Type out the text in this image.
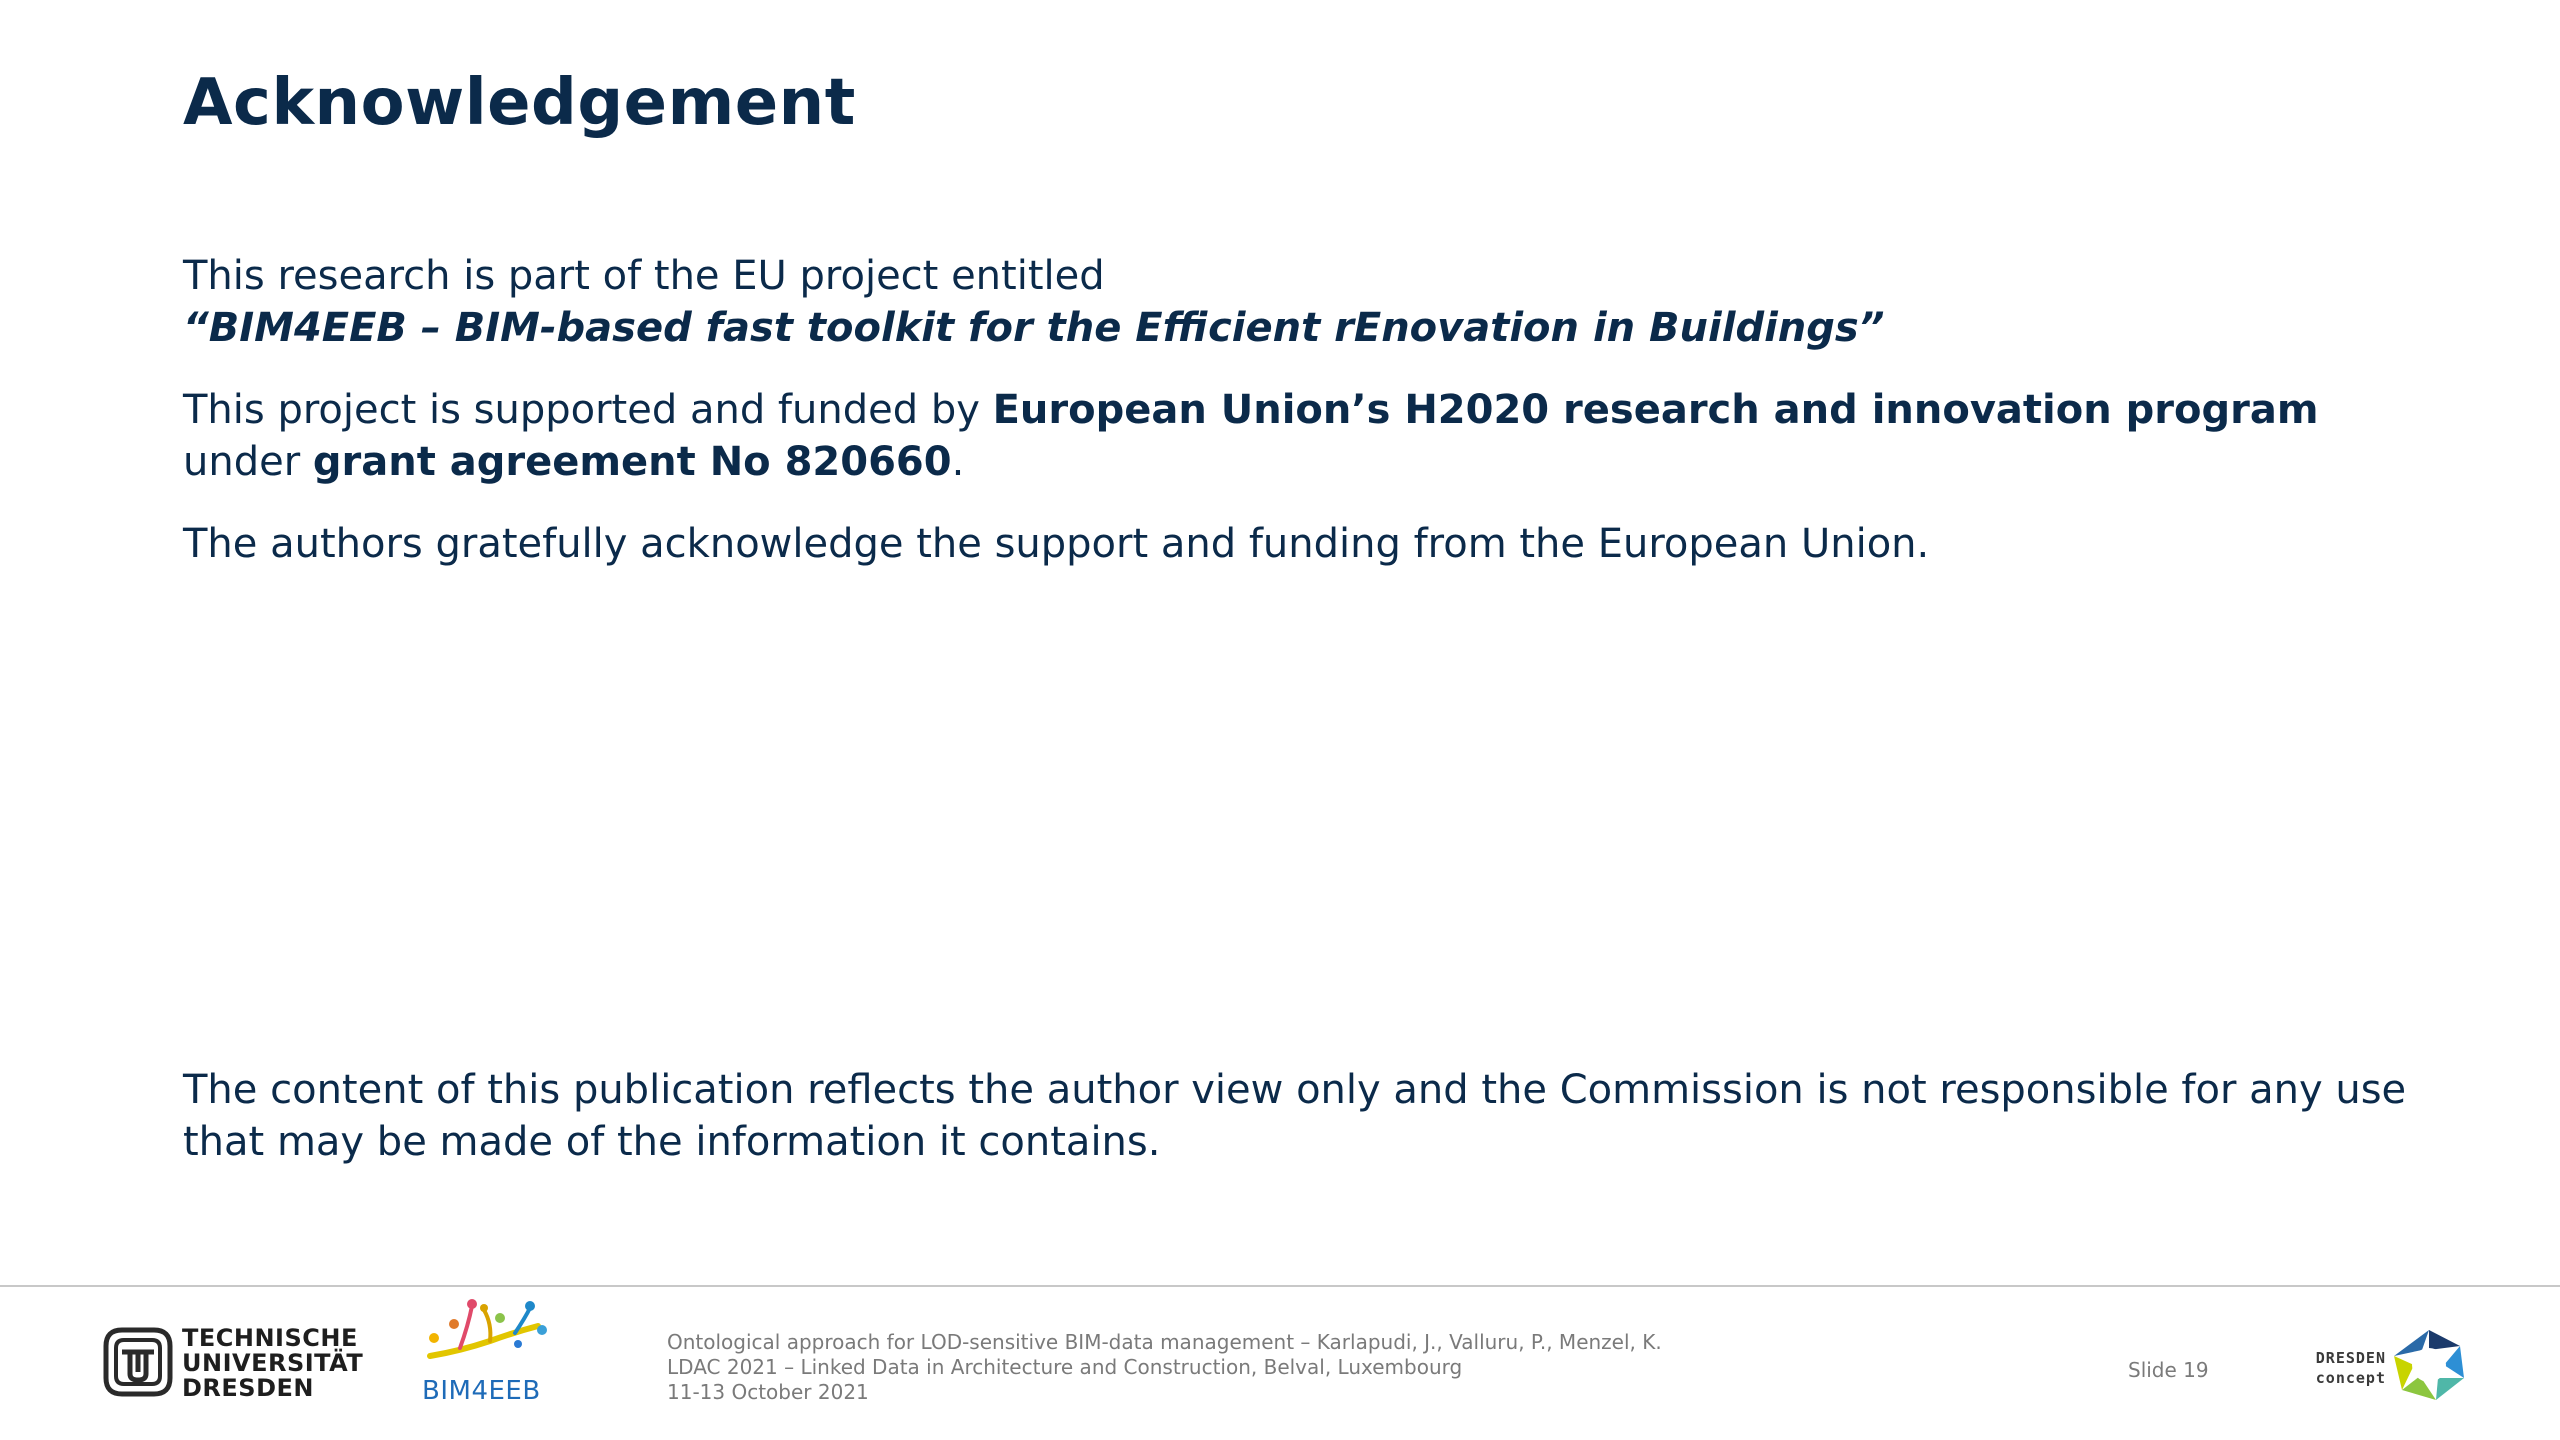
Acknowledgement

This research is part of the EU project entitled
“BIM4EEB – BIM-based fast toolkit for the Efficient rEnovation in Buildings”

This project is supported and funded by European Union’s H2020 research and innovation program
under grant agreement No 820660.

The authors gratefully acknowledge the support and funding from the European Union.

The content of this publication reflects the author view only and the Commission is not responsible for any use that may be made of the information it contains.

TECHNISCHE
UNIVERSITÄT
DRESDEN	BIM4EEB
Ontological approach for LOD-sensitive BIM-data management – Karlapudi, J., Valluru, P., Menzel, K.
LDAC 2021 – Linked Data in Architecture and Construction, Belval, Luxembourg
11-13 October 2021
Slide 19	DRESDEN
concept
